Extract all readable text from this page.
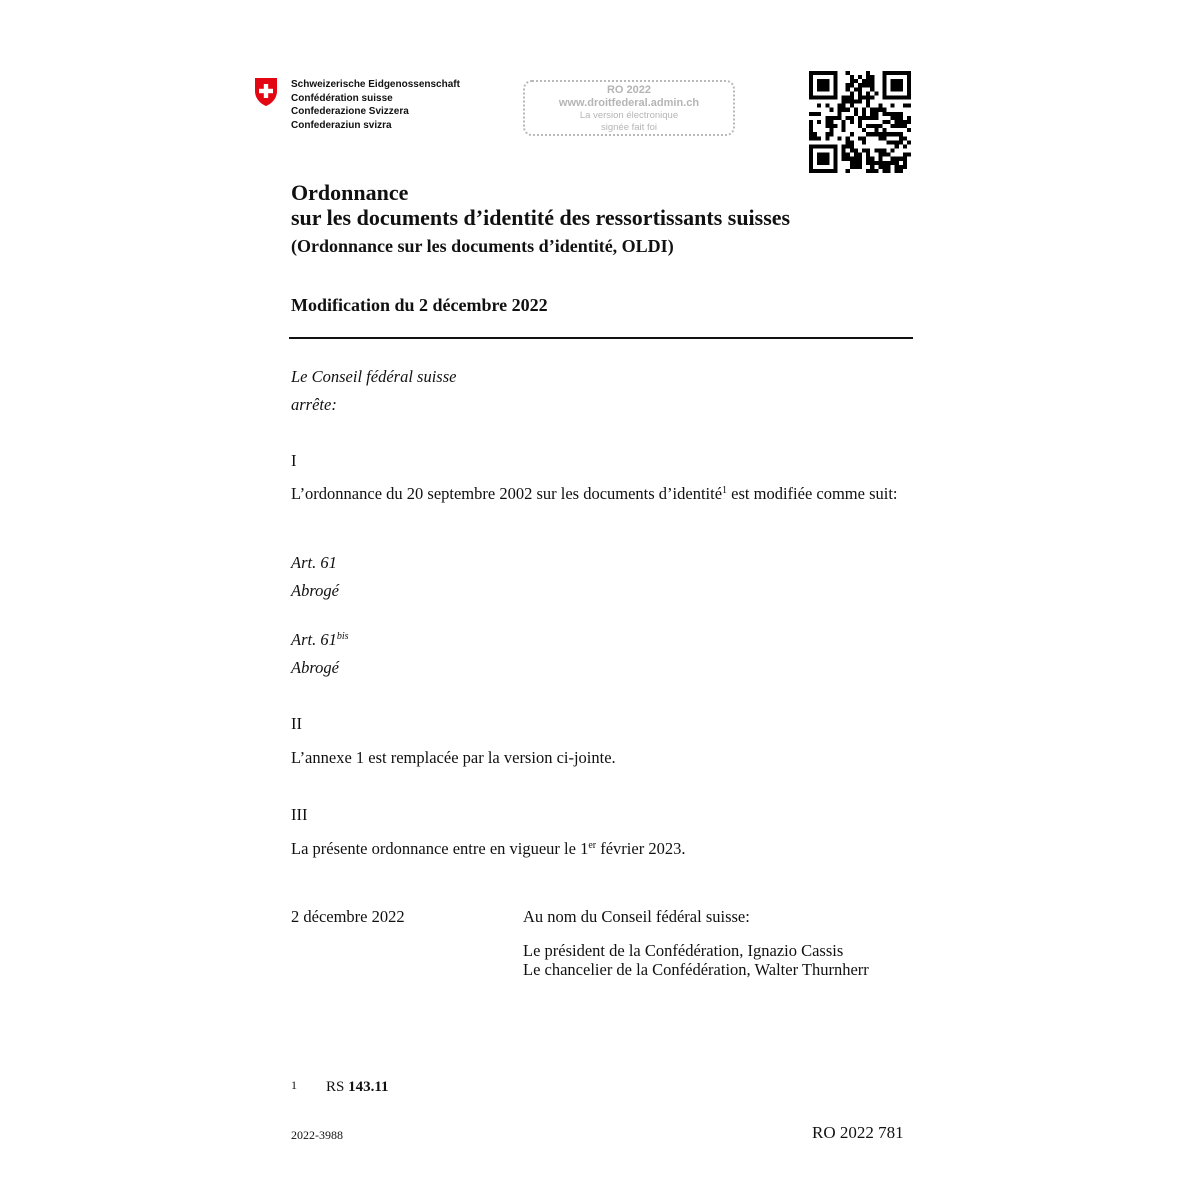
Schweizerische Eidgenossenschaft
Confédération suisse
Confederazione Svizzera
Confederaziun svizra
RO 2022
www.droitfederal.admin.ch
La version électronique
signée fait foi
Ordonnance
sur les documents d’identité des ressortissants suisses
(Ordonnance sur les documents d’identité, OLDI)
Modification du 2 décembre 2022
Le Conseil fédéral suisse
arrête:
I
L’ordonnance du 20 septembre 2002 sur les documents d’identité$^1$ est modifiée comme suit:
Art. 61
Abrogé
Art. $61^{bis}$
Abrogé
II
L’annexe 1 est remplacée par la version ci-jointe.
III
La présente ordonnance entre en vigueur le 1er février 2023.
2 décembre 2022	Au nom du Conseil fédéral suisse:
Le président de la Confédération, Ignazio Cassis
Le chancelier de la Confédération, Walter Thurnherr
1 RS 143.11
2022-3988	RO 2022 781
